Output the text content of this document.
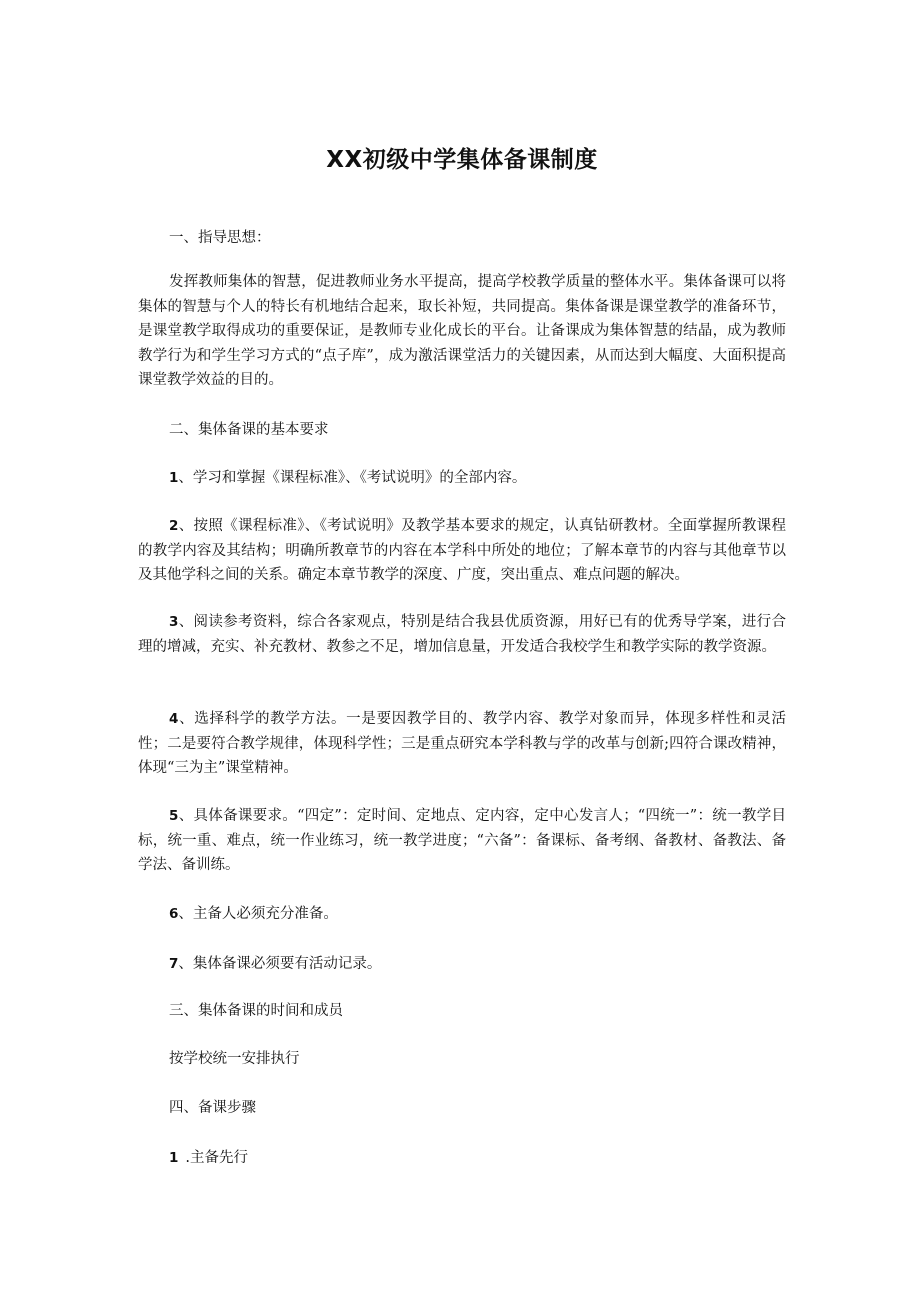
XX初级中学集体备课制度

一、指导思想：

发挥教师集体的智慧，促进教师业务水平提高，提高学校教学质量的整体水平。集体备课可以将集体的智慧与个人的特长有机地结合起来，取长补短，共同提高。集体备课是课堂教学的准备环节，是课堂教学取得成功的重要保证，是教师专业化成长的平台。让备课成为集体智慧的结晶，成为教师教学行为和学生学习方式的“点子库”，成为激活课堂活力的关键因素，从而达到大幅度、大面积提高课堂教学效益的目的。

二、集体备课的基本要求

1、学习和掌握《课程标准》、《考试说明》的全部内容。

2、按照《课程标准》、《考试说明》及教学基本要求的规定，认真钻研教材。全面掌握所教课程的教学内容及其结构；明确所教章节的内容在本学科中所处的地位；了解本章节的内容与其他章节以及其他学科之间的关系。确定本章节教学的深度、广度，突出重点、难点问题的解决。

3、阅读参考资料，综合各家观点，特别是结合我县优质资源，用好已有的优秀导学案，进行合理的增减，充实、补充教材、教参之不足，增加信息量，开发适合我校学生和教学实际的教学资源。

4、选择科学的教学方法。一是要因教学目的、教学内容、教学对象而异，体现多样性和灵活性；二是要符合教学规律，体现科学性；三是重点研究本学科教与学的改革与创新;四符合课改精神，体现“三为主”课堂精神。

5、具体备课要求。“四定”：定时间、定地点、定内容，定中心发言人；“四统一”：统一教学目标，统一重、难点，统一作业练习，统一教学进度；“六备”：备课标、备考纲、备教材、备教法、备学法、备训练。

6、主备人必须充分准备。

7、集体备课必须要有活动记录。

三、集体备课的时间和成员

按学校统一安排执行

四、备课步骤

1 .主备先行
